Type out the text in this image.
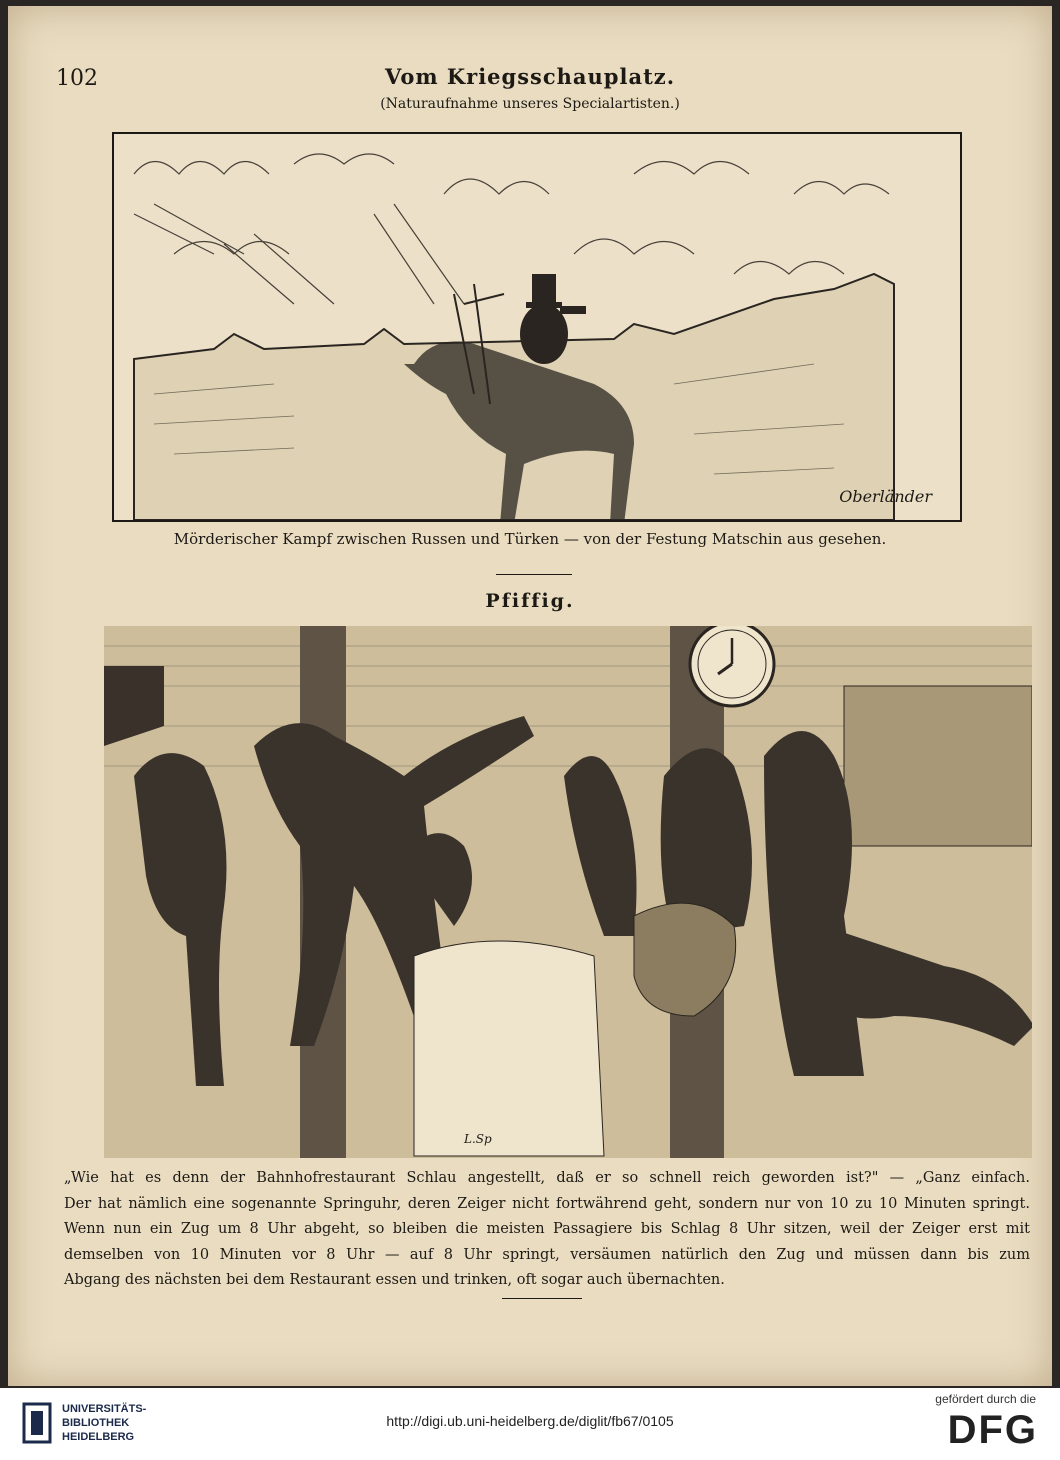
102	Vom Kriegsschauplatz.
(Naturaufnahme unseres Specialartisten.)
Oberländer
Mörderischer Kampf zwischen Russen und Türken — von der Festung Matschin aus gesehen.
Pfiffig.
L.Sp
„Wie hat es denn der Bahnhofrestaurant Schlau angestellt, daß er so schnell reich geworden ist?" — „Ganz einfach.
Der hat nämlich eine sogenannte Springuhr, deren Zeiger nicht fortwährend geht, sondern nur von 10 zu 10 Minuten springt.
Wenn nun ein Zug um 8 Uhr abgeht, so bleiben die meisten Passagiere bis Schlag 8 Uhr sitzen, weil der Zeiger erst mit
demselben von 10 Minuten vor 8 Uhr — auf 8 Uhr springt, versäumen natürlich den Zug und müssen dann bis zum
Abgang des nächsten bei dem Restaurant essen und trinken, oft sogar auch übernachten.
UNIVERSITÄTS-
BIBLIOTHEK
HEIDELBERG
http://digi.ub.uni-heidelberg.de/diglit/fb67/0105
gefördert durch die
DFG
